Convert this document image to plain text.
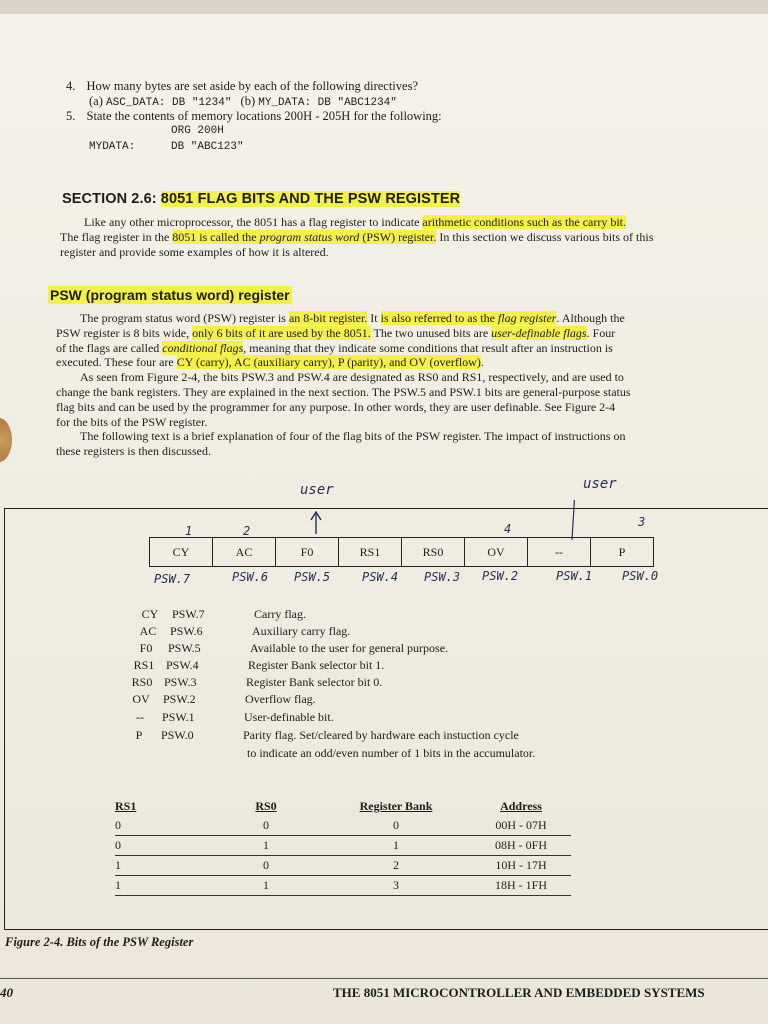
4. How many bytes are set aside by each of the following directives?
(a) ASC_DATA: DB "1234" (b) MY_DATA: DB "ABC1234"
5. State the contents of memory locations 200H - 205H for the following:
ORG 200H
MYDATA:	DB "ABC123"
SECTION 2.6: 8051 FLAG BITS AND THE PSW REGISTER

Like any other microprocessor, the 8051 has a flag register to indicate arithmetic conditions such as the carry bit.

The flag register in the 8051 is called the program status word (PSW) register. In this section we discuss various bits of this

register and provide some examples of how it is altered.

PSW (program status word) register

The program status word (PSW) register is an 8-bit register. It is also referred to as the flag register. Although the

PSW register is 8 bits wide, only 6 bits of it are used by the 8051. The two unused bits are user-definable flags. Four

of the flags are called conditional flags, meaning that they indicate some conditions that result after an instruction is

executed. These four are CY (carry), AC (auxiliary carry), P (parity), and OV (overflow).

As seen from Figure 2-4, the bits PSW.3 and PSW.4 are designated as RS0 and RS1, respectively, and are used to

change the bank registers. They are explained in the next section. The PSW.5 and PSW.1 bits are general-purpose status

flag bits and can be used by the programmer for any purpose. In other words, they are user definable. See Figure 2-4

for the bits of the PSW register.

The following text is a brief explanation of four of the flag bits of the PSW register. The impact of instructions on

these registers is then discussed.

user	user
1	2	4	3
CY	AC	F0	RS1	RS0	OV	--	P
PSW.7	PSW.6 PSW.5	PSW.4 PSW.3 PSW.2	PSW.1 PSW.0
CY PSW.7	Carry flag.
AC PSW.6	Auxiliary carry flag.
F0 PSW.5	Available to the user for general purpose.
RS1 PSW.4	Register Bank selector bit 1.
RS0 PSW.3	Register Bank selector bit 0.
OV PSW.2	Overflow flag.
-- PSW.1	User-definable bit.
P PSW.0	Parity flag. Set/cleared by hardware each instuction cycle
to indicate an odd/even number of 1 bits in the accumulator.
RS1	RS0	Register Bank	Address
0	0	0	00H - 07H
0	1	1	08H - 0FH
1	0	2	10H - 17H
1	1	3	18H - 1FH
Figure 2-4. Bits of the PSW Register
40	THE 8051 MICROCONTROLLER AND EMBEDDED SYSTEMS
